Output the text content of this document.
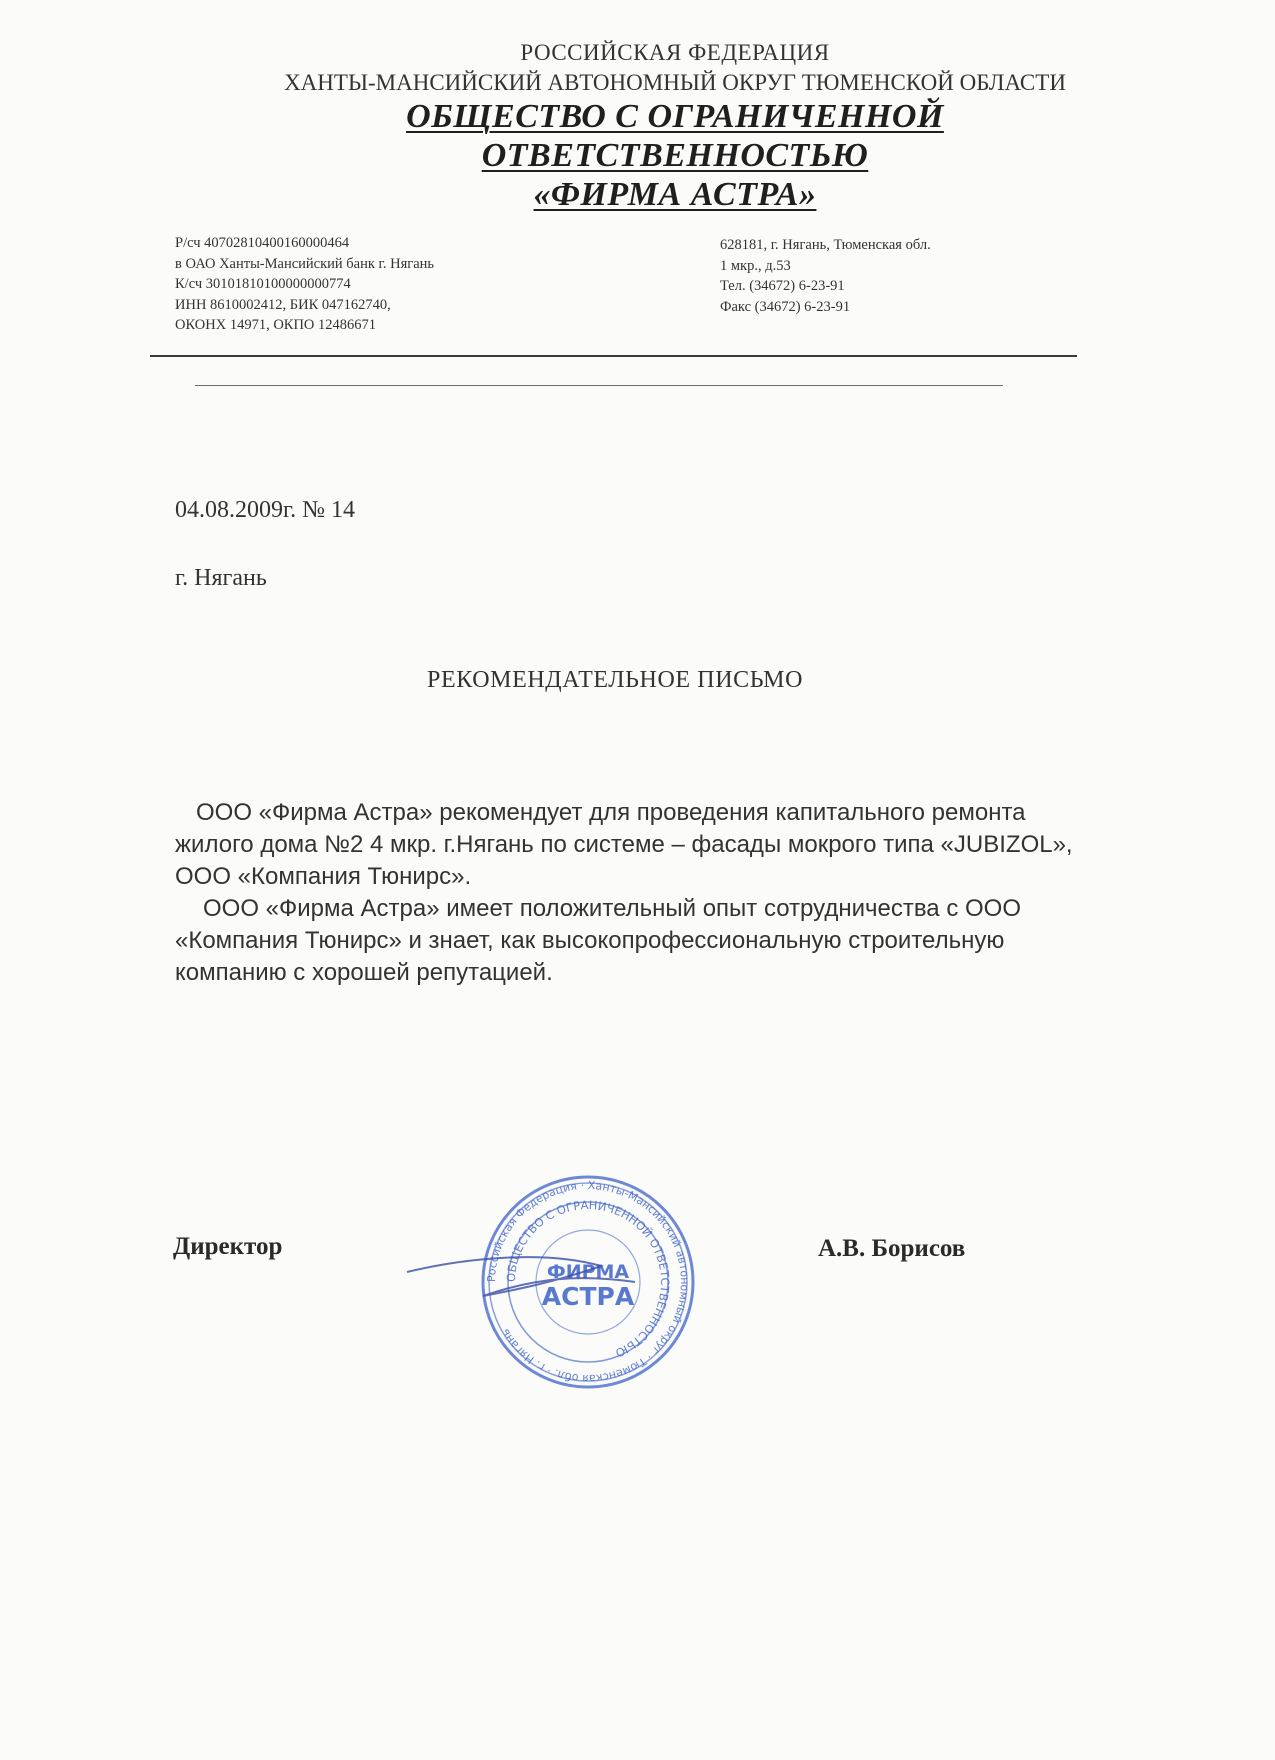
РОССИЙСКАЯ ФЕДЕРАЦИЯ
ХАНТЫ-МАНСИЙСКИЙ АВТОНОМНЫЙ ОКРУГ ТЮМЕНСКОЙ ОБЛАСТИ
ОБЩЕСТВО С ОГРАНИЧЕННОЙ
ОТВЕТСТВЕННОСТЬЮ
«ФИРМА АСТРА»
Р/сч 40702810400160000464
в ОАО Ханты-Мансийский банк г. Нягань
К/сч 30101810100000000774
ИНН 8610002412, БИК 047162740,
ОКОНХ 14971, ОКПО 12486671
628181, г. Нягань, Тюменская обл.
1 мкр., д.53
Тел. (34672) 6-23-91
Факс (34672) 6-23-91
04.08.2009г. № 14
г. Нягань
РЕКОМЕНДАТЕЛЬНОЕ ПИСЬМО
ООО «Фирма Астра» рекомендует для проведения капитального ремонта
жилого дома №2 4 мкр. г.Нягань по системе – фасады мокрого типа «JUBIZOL»,
ООО «Компания Тюнирс».
ООО «Фирма Астра» имеет положительный опыт сотрудничества с ООО
«Компания Тюнирс» и знает, как высокопрофессиональную строительную
компанию с хорошей репутацией.
Директор	А.В. Борисов
Российская Федерация · Ханты-Мансийский автономный округ · Тюменская обл. · г. Нягань
ОБЩЕСТВО С ОГРАНИЧЕННОЙ ОТВЕТСТВЕННОСТЬЮ
ФИРМА
АСТРА
